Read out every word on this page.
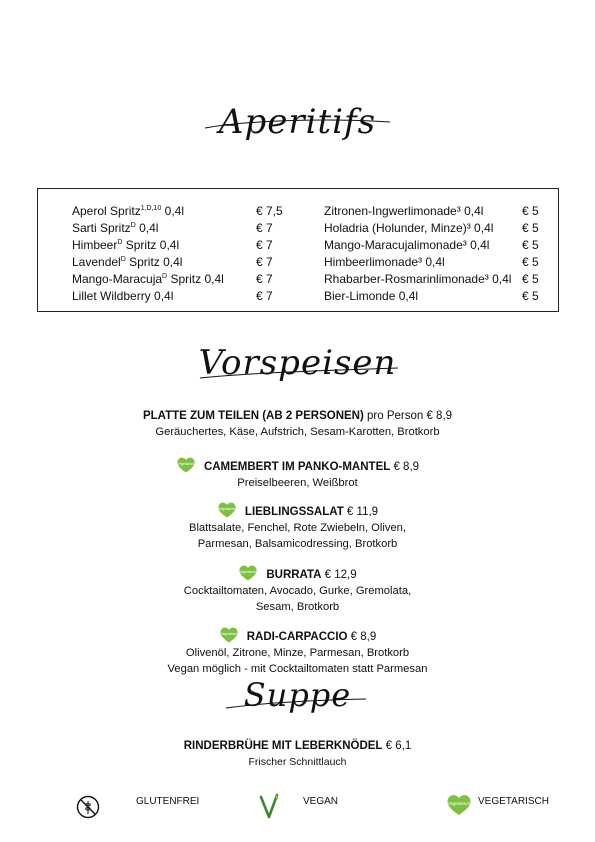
Aperitifs
Aperol Spritz$^{1,D,10}$ 0,4l	€ 7,5
Sarti Spritz$^D$ 0,4l	€ 7
Himbeer$^D$ Spritz 0,4l	€ 7
Lavendel$^D$ Spritz 0,4l	€ 7
Mango-Maracuja$^D$ Spritz 0,4l	€ 7
Lillet Wildberry 0,4l	€ 7
Zitronen-Ingwerlimonade³ 0,4l	€ 5
Holadria (Holunder, Minze)³ 0,4l € 5
Mango-Maracujalimonade³ 0,4l	€ 5
Himbeerlimonade³ 0,4l	€ 5
Rhabarber-Rosmarinlimonade³ 0,4l € 5
Bier-Limonde 0,4l	€ 5
Vorspeisen
PLATTE ZUM TEILEN (AB 2 PERSONEN) pro Person € 8,9
Geräuchertes, Käse, Aufstrich, Sesam-Karotten, Brotkorb
Vegetarisch CAMEMBERT IM PANKO-MANTEL € 8,9
Preiselbeeren, Weißbrot
Vegetarisch LIEBLINGSSALAT € 11,9
Blattsalate, Fenchel, Rote Zwiebeln, Oliven,
Parmesan, Balsamicodressing, Brotkorb
Vegetarisch BURRATA € 12,9
Cocktailtomaten, Avocado, Gurke, Gremolata,
Sesam, Brotkorb
Vegetarisch RADI-CARPACCIO € 8,9
Olivenöl, Zitrone, Minze, Parmesan, Brotkorb
Vegan möglich - mit Cocktailtomaten statt Parmesan
Suppe
RINDERBRÜHE MIT LEBERKNÖDEL € 6,1
Frischer Schnittlauch
GLUTENFREI	VEGAN	Vegetarisch VEGETARISCH
